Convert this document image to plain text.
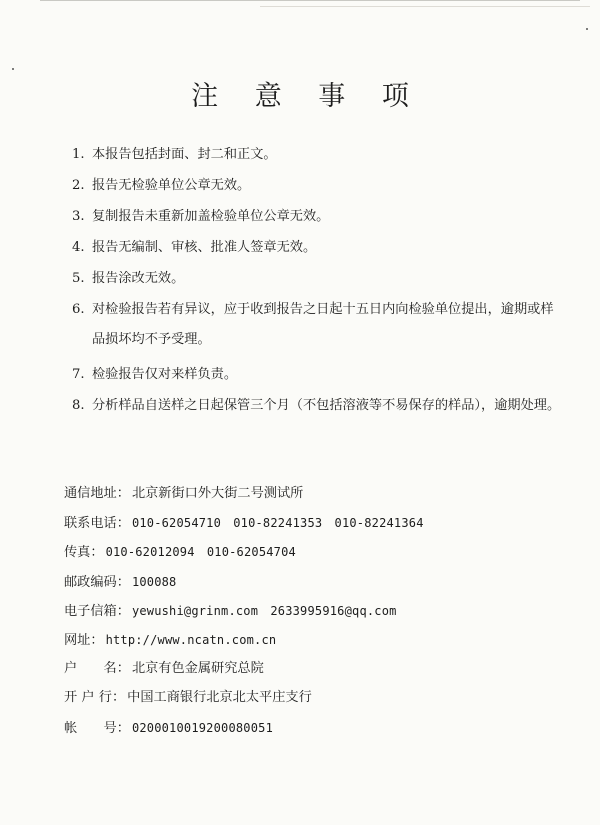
注 意 事 项
1. 本报告包括封面、封二和正文。
2. 报告无检验单位公章无效。
3. 复制报告未重新加盖检验单位公章无效。
4. 报告无编制、审核、批准人签章无效。
5. 报告涂改无效。
6. 对检验报告若有异议，应于收到报告之日起十五日内向检验单位提出，逾期或样品损坏均不予受理。
7. 检验报告仅对来样负责。
8. 分析样品自送样之日起保管三个月（不包括溶液等不易保存的样品），逾期处理。
通信地址： 北京新街口外大街二号测试所
联系电话： 010-62054710　010-82241353　010-82241364
传真： 010-62012094　010-62054704
邮政编码： 100088
电子信箱： yewushi@grinm.com　2633995916@qq.com
网址： http://www.ncatn.com.cn
户　　名： 北京有色金属研究总院
开 户 行： 中国工商银行北京北太平庄支行
帐　　号： 0200010019200080051
